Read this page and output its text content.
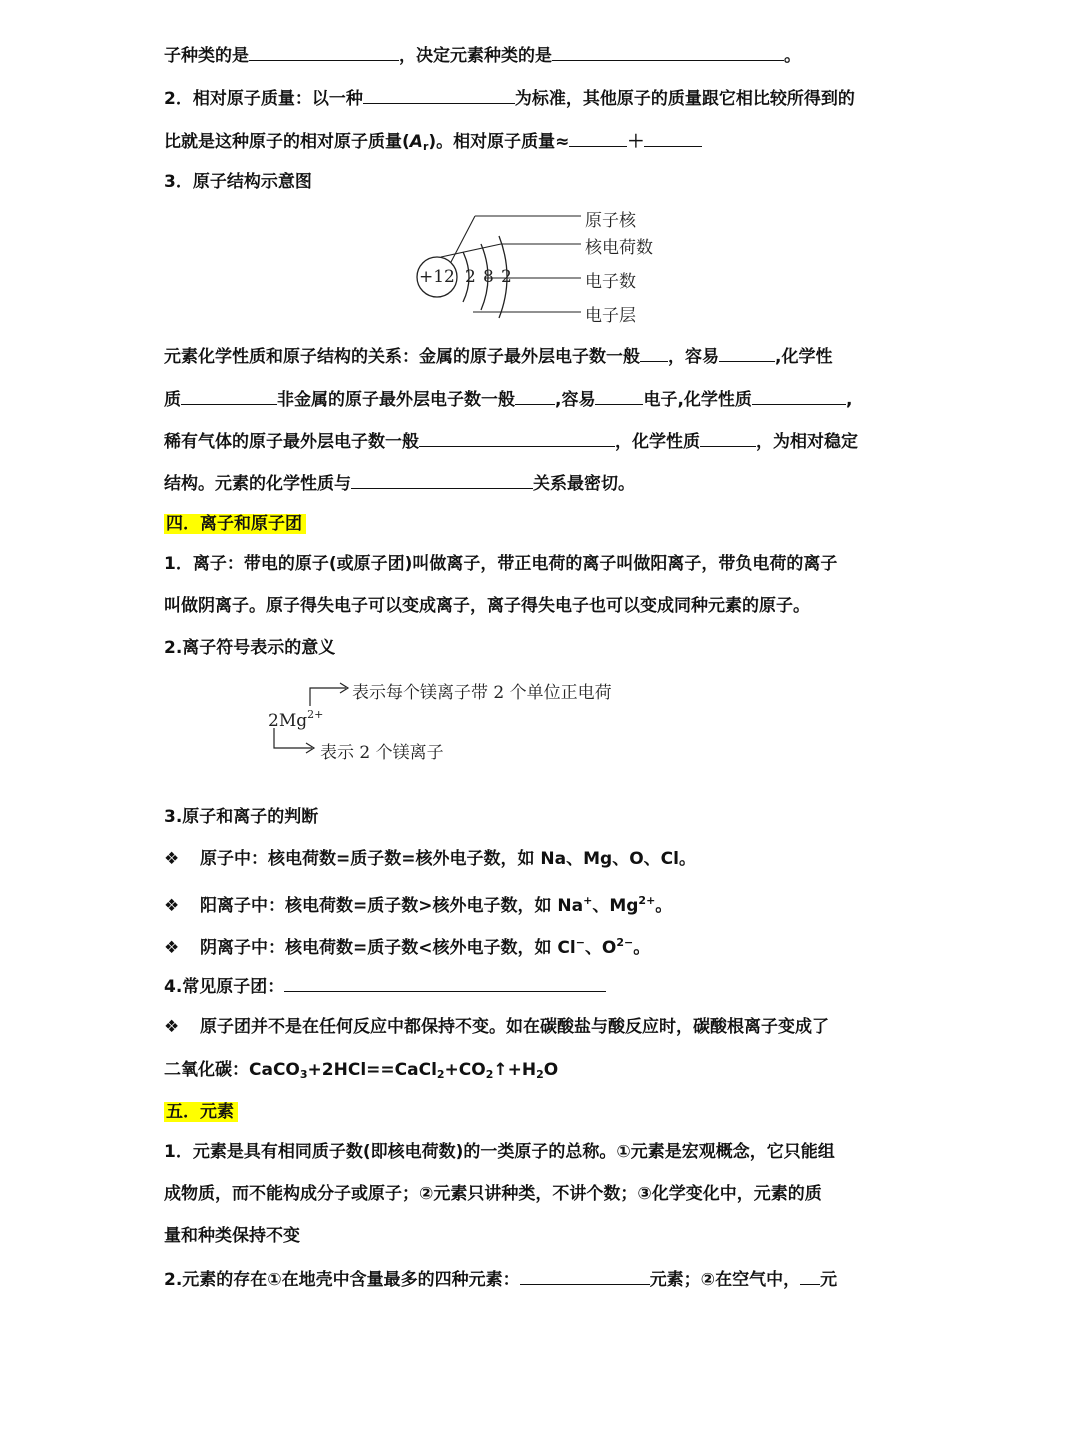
子种类的是	，决定元素种类的是	。
2．相对原子质量：以一种	为标准，其他原子的质量跟它相比较所得到的
比就是这种原子的相对原子质量$(A_r)$。相对原子质量≈	＋
3．原子结构示意图
+12 2 8 2
原子核
核电荷数
电子数
电子层
元素化学性质和原子结构的关系：金属的原子最外层电子数一般 ，容易	,化学性
质	非金属的原子最外层电子数一般 ,容易	电子,化学性质	,
稀有气体的原子最外层电子数一般	，化学性质	，为相对稳定
结构。元素的化学性质与	关系最密切。
四．离子和原子团
1．离子：带电的原子(或原子团)叫做离子，带正电荷的离子叫做阳离子，带负电荷的离子
叫做阴离子。原子得失电子可以变成离子，离子得失电子也可以变成同种元素的原子。
2.离子符号表示的意义
$2Mg^{2+}$
表示每个镁离子带 2 个单位正电荷
表示 2 个镁离子
3.原子和离子的判断
❖ 原子中：核电荷数=质子数=核外电子数，如 Na、Mg、O、Cl。
❖ 阳离子中：核电荷数=质子数>核外电子数，如 Na+、$Mg^{2+}$。
❖ 阴离子中：核电荷数=质子数<核外电子数，如 Cl−、$O^{2-}$。
4.常见原子团：
❖ 原子团并不是在任何反应中都保持不变。如在碳酸盐与酸反应时，碳酸根离子变成了
二氧化碳：$CaCO_3+2HCl==CaCl_2+CO_2↑+H_2O$
五．元素
1．元素是具有相同质子数(即核电荷数)的一类原子的总称。①元素是宏观概念，它只能组
成物质，而不能构成分子或原子；②元素只讲种类，不讲个数；③化学变化中，元素的质
量和种类保持不变
2.元素的存在①在地壳中含量最多的四种元素：	元素；②在空气中， 元
